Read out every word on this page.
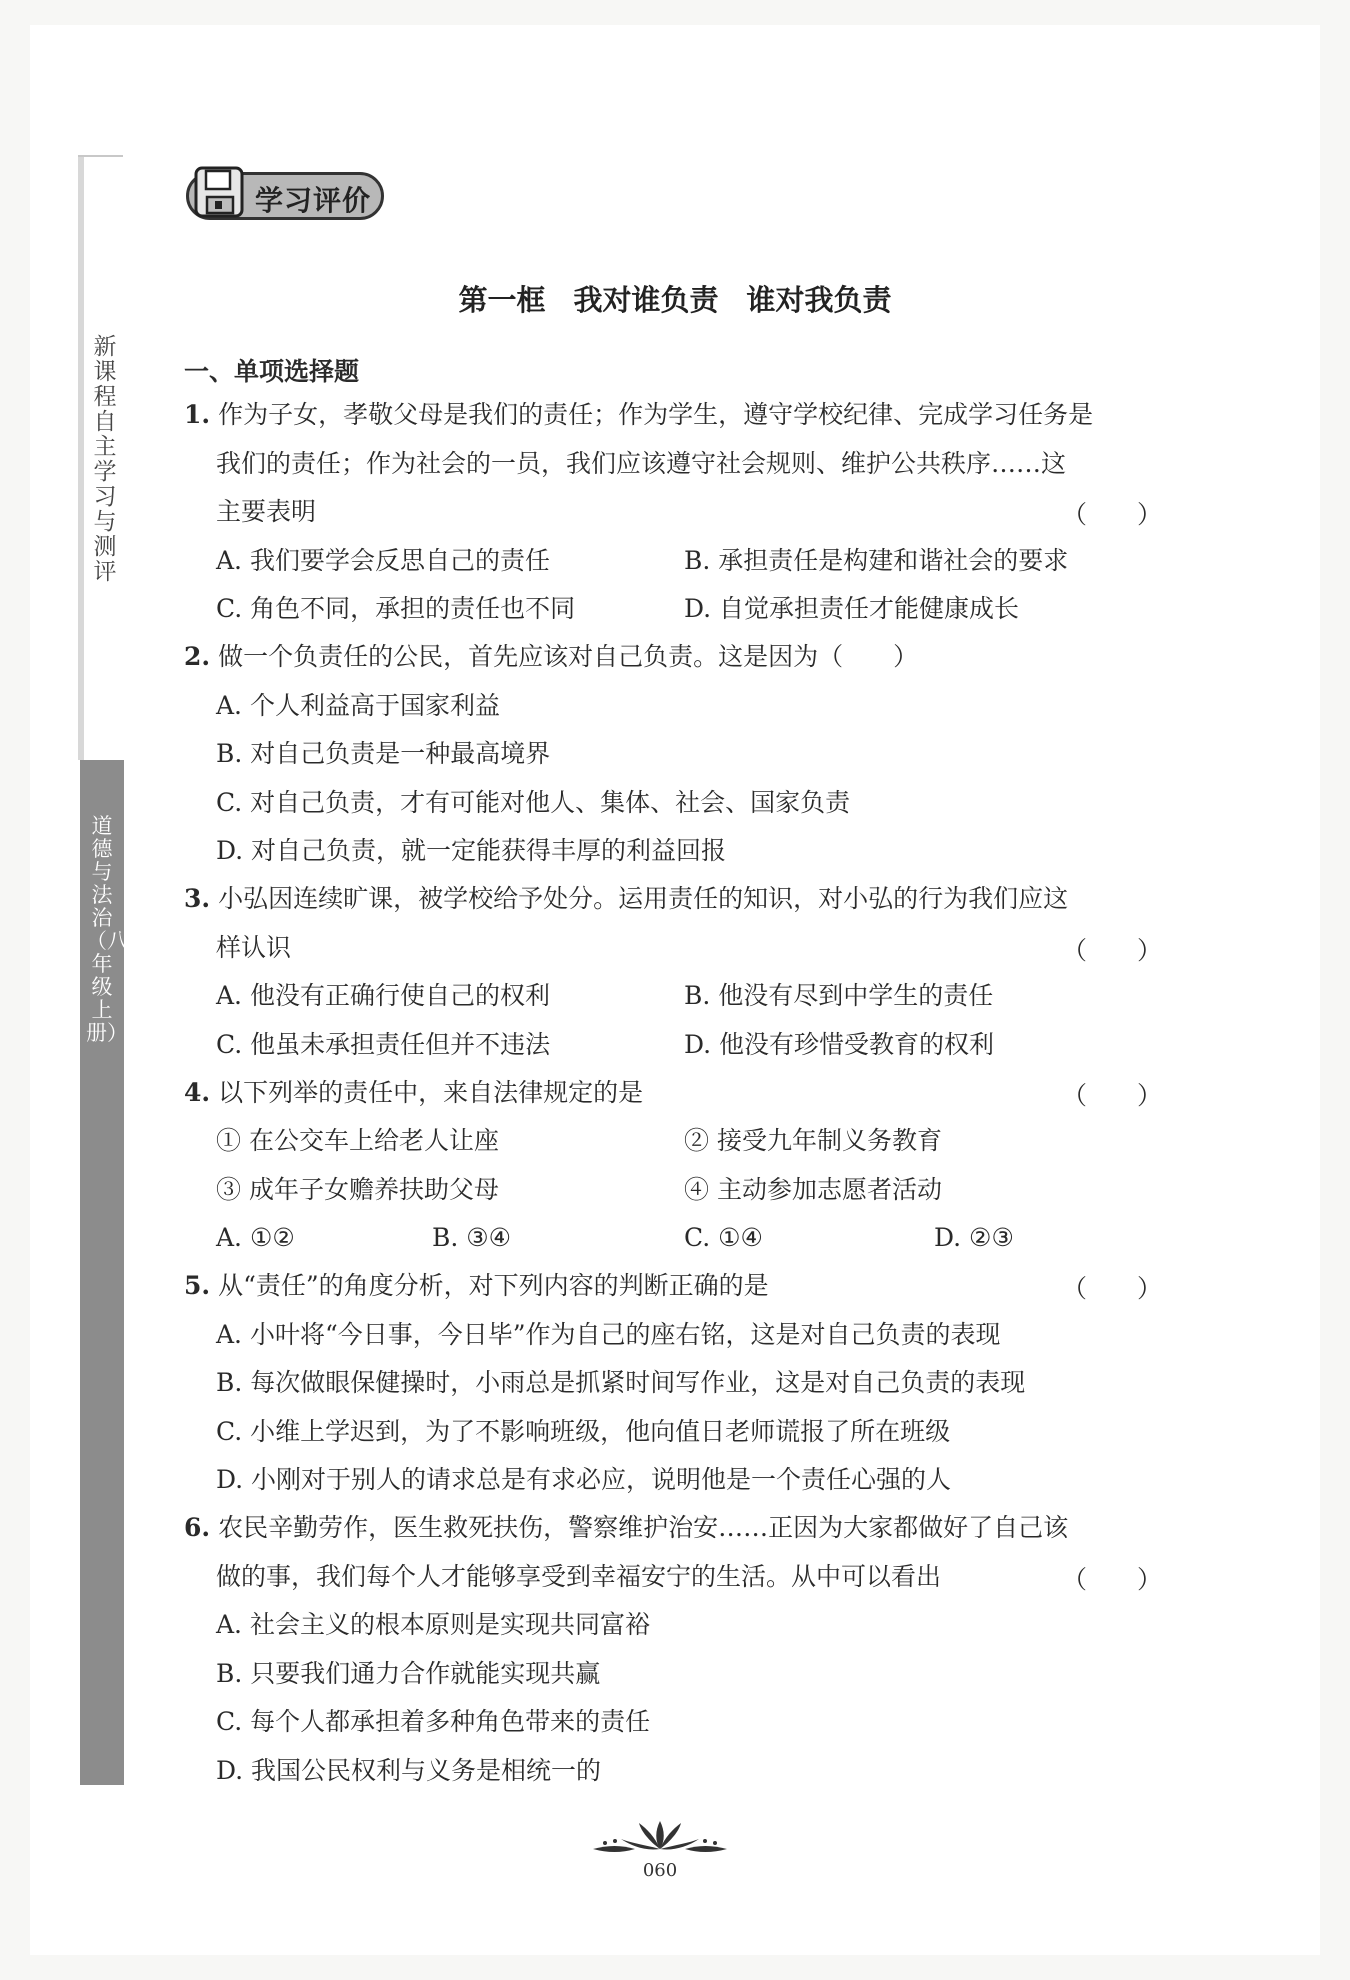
新课程自主学习与测评
道德与法治（八年级上册）
学习评价
第一框 我对谁负责 谁对我负责
一、单项选择题
1. 作为子女，孝敬父母是我们的责任；作为学生，遵守学校纪律、完成学习任务是
我们的责任；作为社会的一员，我们应该遵守社会规则、维护公共秩序……这
主要表明	（　　）
A. 我们要学会反思自己的责任	B. 承担责任是构建和谐社会的要求
C. 角色不同，承担的责任也不同	D. 自觉承担责任才能健康成长
2. 做一个负责任的公民，首先应该对自己负责。这是因为（　　）
A. 个人利益高于国家利益
B. 对自己负责是一种最高境界
C. 对自己负责，才有可能对他人、集体、社会、国家负责
D. 对自己负责，就一定能获得丰厚的利益回报
3. 小弘因连续旷课，被学校给予处分。运用责任的知识，对小弘的行为我们应这
样认识	（　　）
A. 他没有正确行使自己的权利	B. 他没有尽到中学生的责任
C. 他虽未承担责任但并不违法	D. 他没有珍惜受教育的权利
4. 以下列举的责任中，来自法律规定的是	（　　）
① 在公交车上给老人让座	② 接受九年制义务教育
③ 成年子女赡养扶助父母	④ 主动参加志愿者活动
A. ①②	B. ③④	C. ①④	D. ②③
5. 从“责任”的角度分析，对下列内容的判断正确的是	（　　）
A. 小叶将“今日事，今日毕”作为自己的座右铭，这是对自己负责的表现
B. 每次做眼保健操时，小雨总是抓紧时间写作业，这是对自己负责的表现
C. 小维上学迟到，为了不影响班级，他向值日老师谎报了所在班级
D. 小刚对于别人的请求总是有求必应，说明他是一个责任心强的人
6. 农民辛勤劳作，医生救死扶伤，警察维护治安……正因为大家都做好了自己该
做的事，我们每个人才能够享受到幸福安宁的生活。从中可以看出	（　　）
A. 社会主义的根本原则是实现共同富裕
B. 只要我们通力合作就能实现共赢
C. 每个人都承担着多种角色带来的责任
D. 我国公民权利与义务是相统一的
060
